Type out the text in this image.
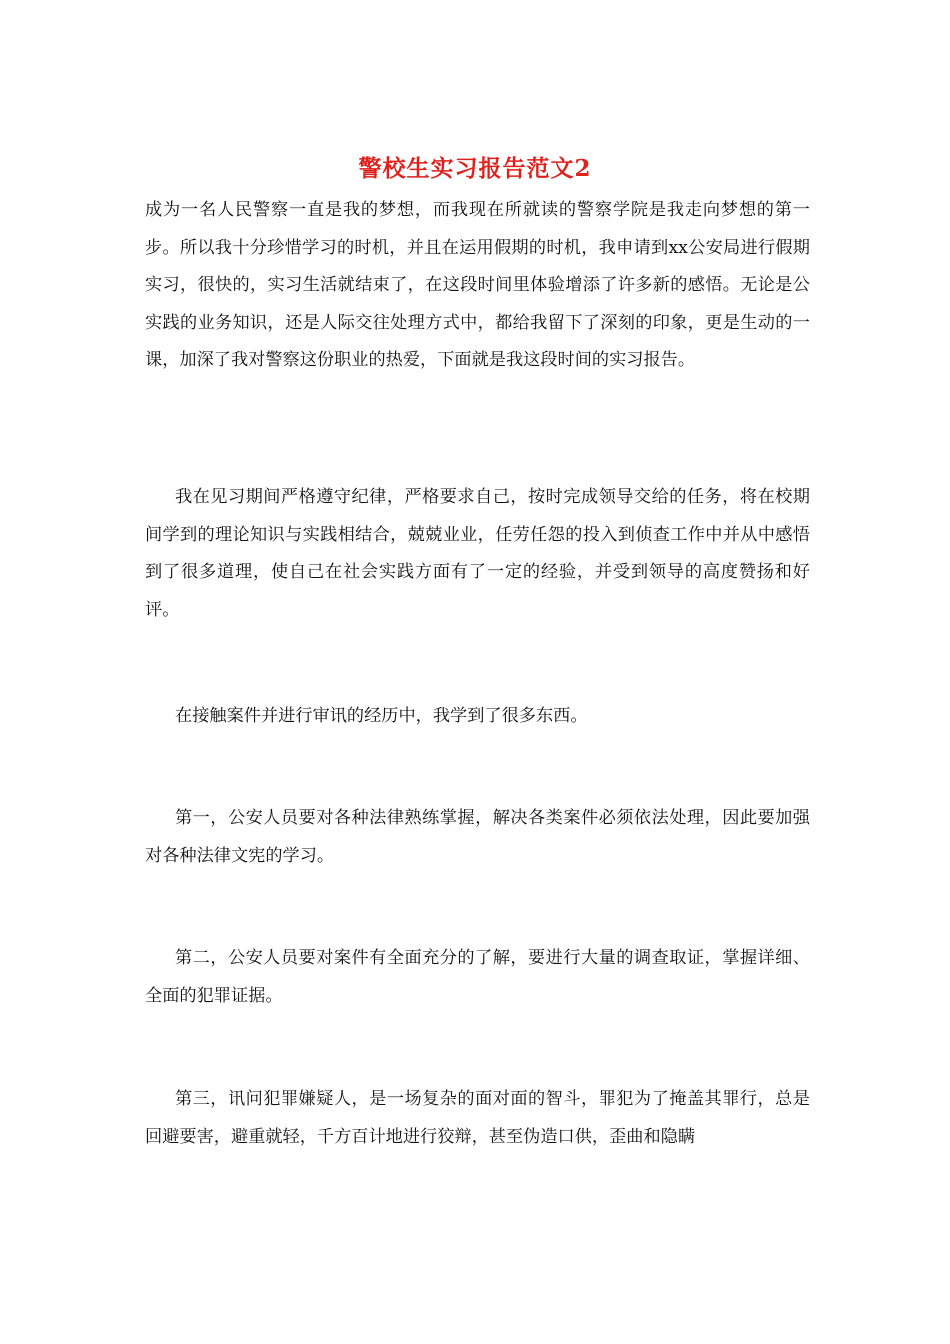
警校生实习报告范文2

成为一名人民警察一直是我的梦想，而我现在所就读的警察学院是我走向梦想的第一步。所以我十分珍惜学习的时机，并且在运用假期的时机，我申请到xx公安局进行假期实习，很快的，实习生活就结束了，在这段时间里体验增添了许多新的感悟。无论是公实践的业务知识，还是人际交往处理方式中，都给我留下了深刻的印象，更是生动的一课，加深了我对警察这份职业的热爱，下面就是我这段时间的实习报告。

我在见习期间严格遵守纪律，严格要求自己，按时完成领导交给的任务，将在校期间学到的理论知识与实践相结合，兢兢业业，任劳任怨的投入到侦查工作中并从中感悟到了很多道理，使自己在社会实践方面有了一定的经验，并受到领导的高度赞扬和好评。

在接触案件并进行审讯的经历中，我学到了很多东西。

第一，公安人员要对各种法律熟练掌握，解决各类案件必须依法处理，因此要加强对各种法律文宪的学习。

第二，公安人员要对案件有全面充分的了解，要进行大量的调查取证，掌握详细、全面的犯罪证据。

第三，讯问犯罪嫌疑人，是一场复杂的面对面的智斗，罪犯为了掩盖其罪行，总是回避要害，避重就轻，千方百计地进行狡辩，甚至伪造口供，歪曲和隐瞒
